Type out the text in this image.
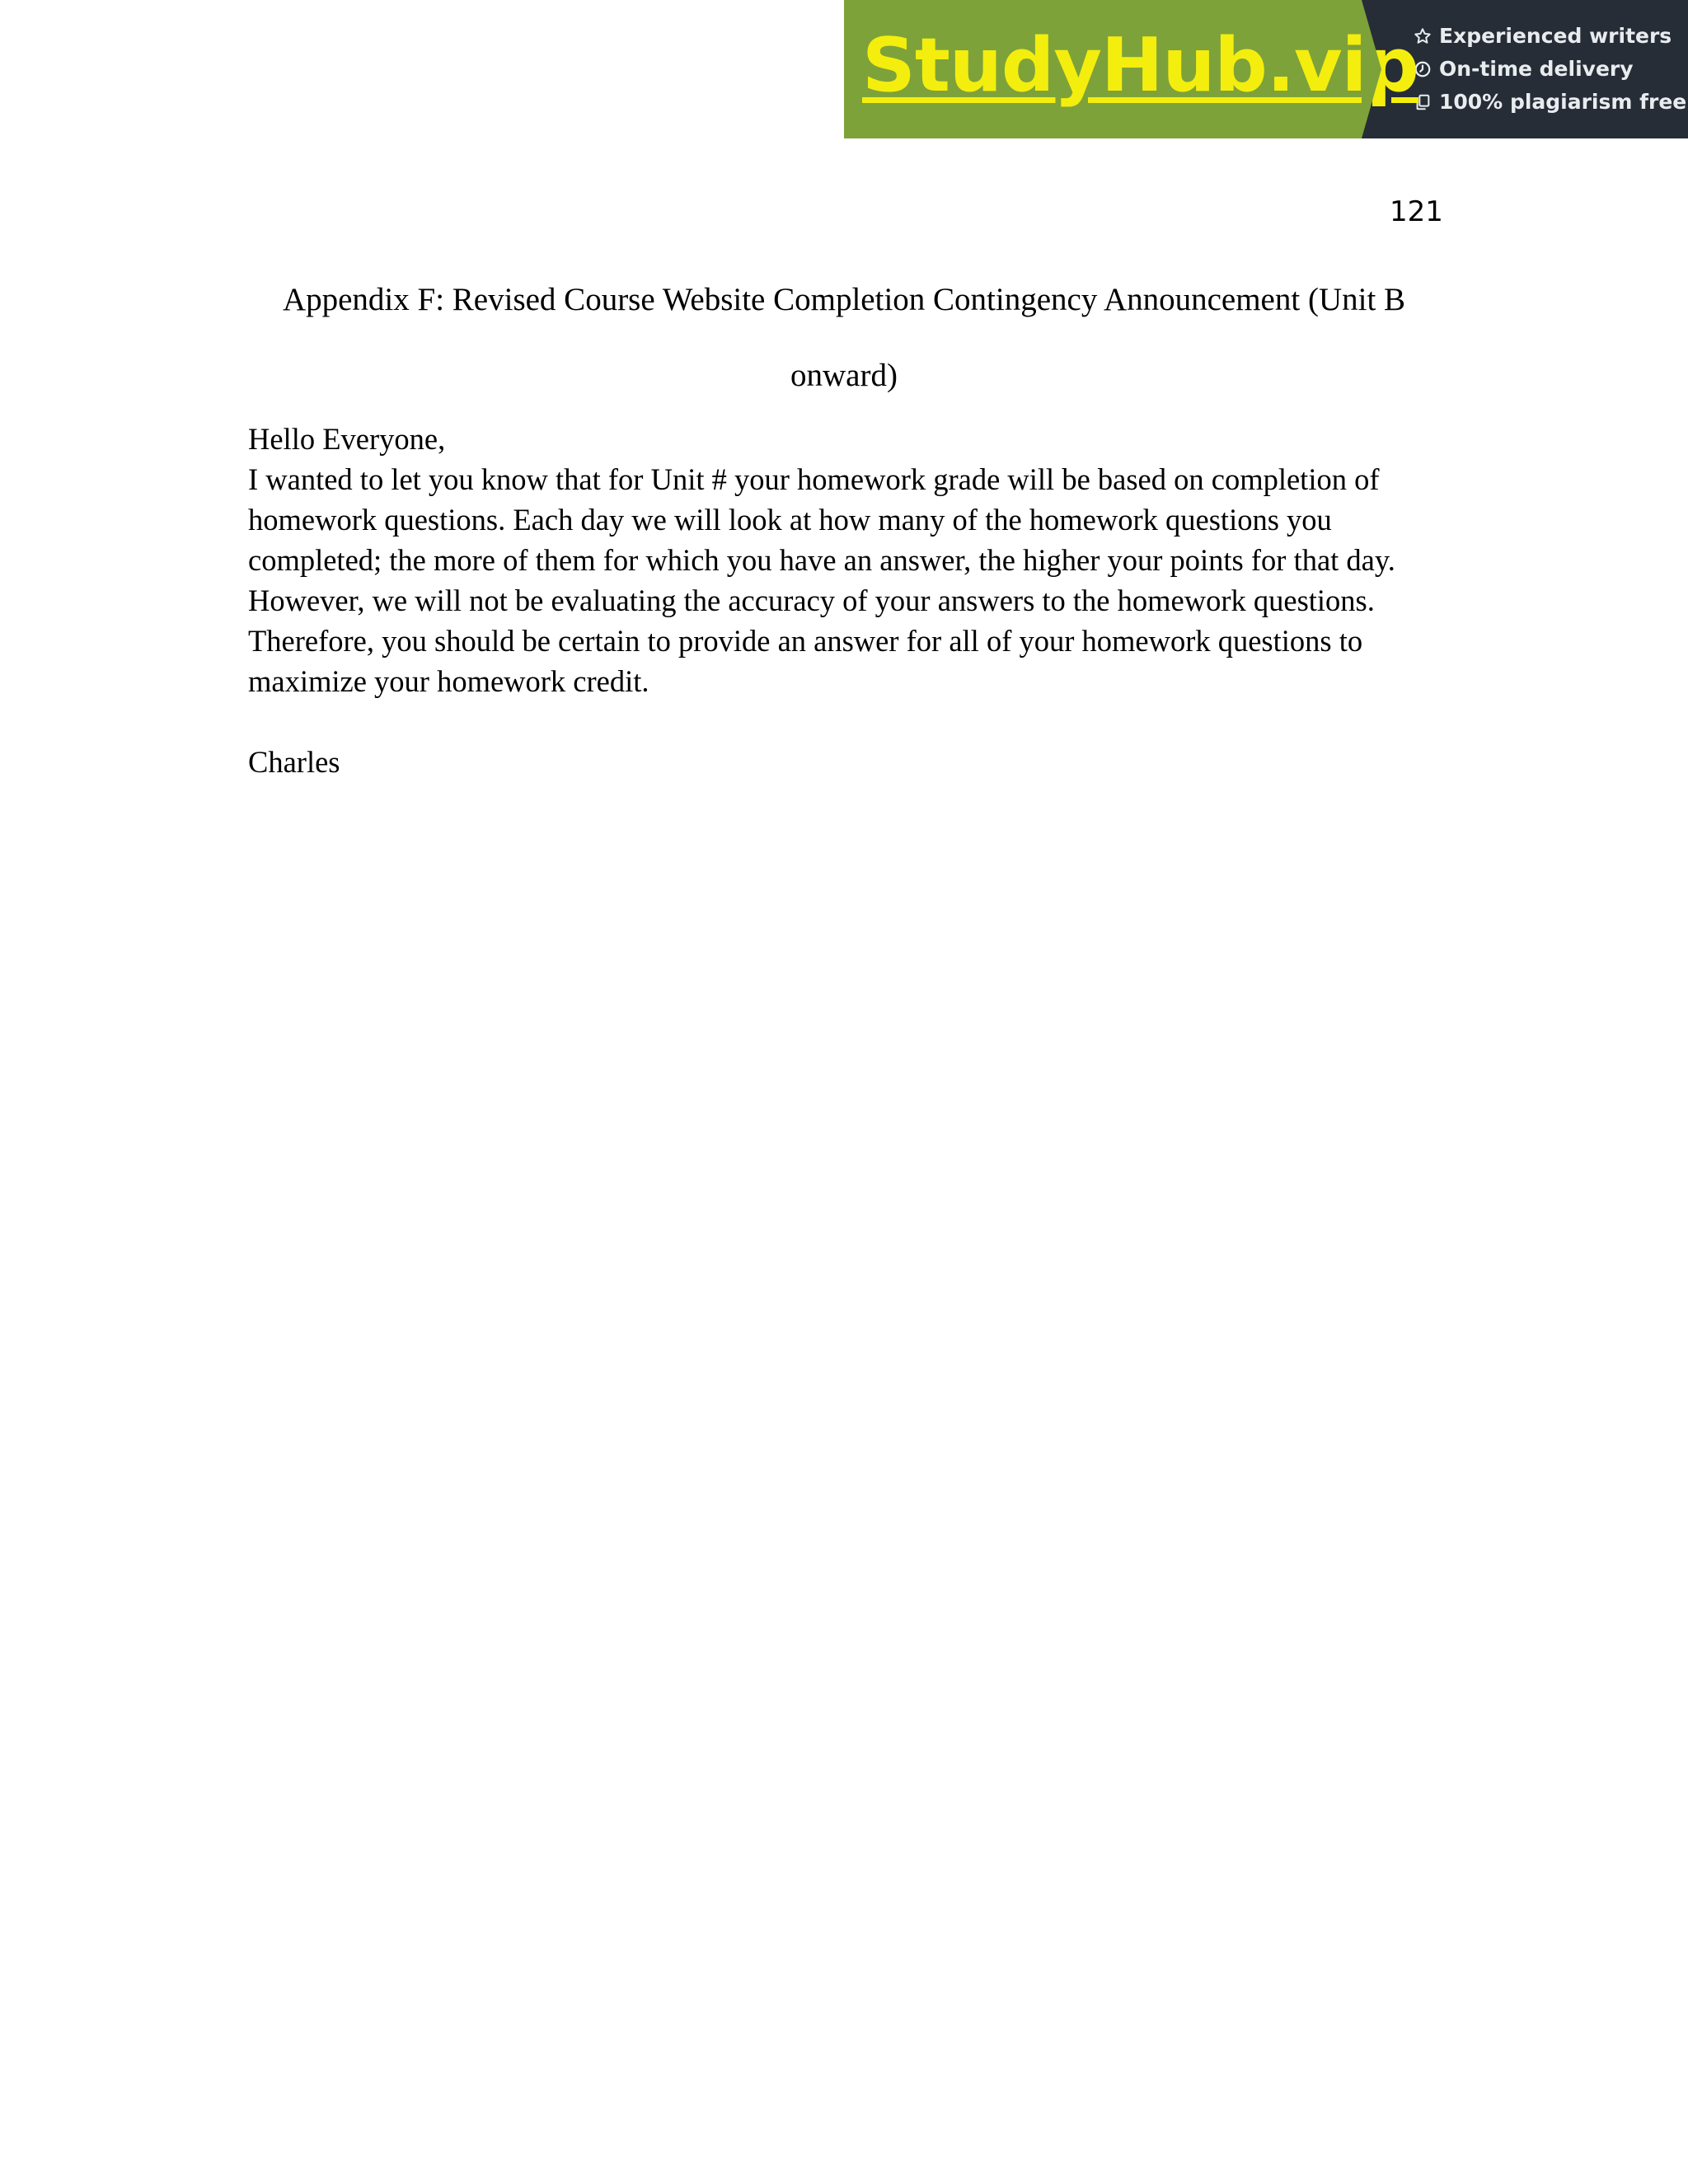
StudyHub.vip Experienced writers
On-time delivery
100% plagiarism free
121
Appendix F: Revised Course Website Completion Contingency Announcement (Unit B onward)

Hello Everyone,

I wanted to let you know that for Unit # your homework grade will be based on completion of homework questions. Each day we will look at how many of the homework questions you completed; the more of them for which you have an answer, the higher your points for that day. However, we will not be evaluating the accuracy of your answers to the homework questions. Therefore, you should be certain to provide an answer for all of your homework questions to maximize your homework credit.

Charles
